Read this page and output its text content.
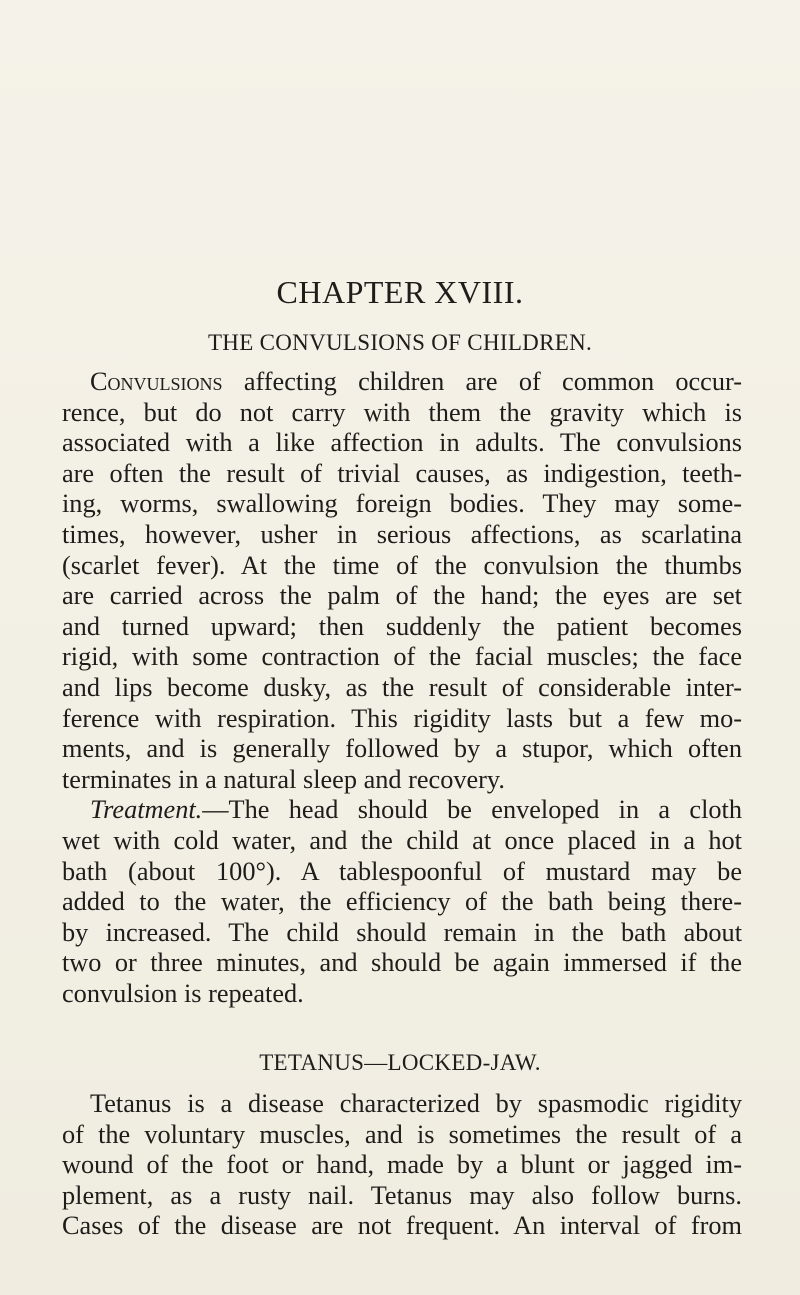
CHAPTER XVIII.
THE CONVULSIONS OF CHILDREN.
Convulsions affecting children are of common occur-
rence, but do not carry with them the gravity which is
associated with a like affection in adults. The convulsions
are often the result of trivial causes, as indigestion, teeth-
ing, worms, swallowing foreign bodies. They may some-
times, however, usher in serious affections, as scarlatina
(scarlet fever). At the time of the convulsion the thumbs
are carried across the palm of the hand; the eyes are set
and turned upward; then suddenly the patient becomes
rigid, with some contraction of the facial muscles; the face
and lips become dusky, as the result of considerable inter-
ference with respiration. This rigidity lasts but a few mo-
ments, and is generally followed by a stupor, which often
terminates in a natural sleep and recovery.
Treatment.—The head should be enveloped in a cloth
wet with cold water, and the child at once placed in a hot
bath (about 100°). A tablespoonful of mustard may be
added to the water, the efficiency of the bath being there-
by increased. The child should remain in the bath about
two or three minutes, and should be again immersed if the
convulsion is repeated.
TETANUS—LOCKED-JAW.
Tetanus is a disease characterized by spasmodic rigidity
of the voluntary muscles, and is sometimes the result of a
wound of the foot or hand, made by a blunt or jagged im-
plement, as a rusty nail. Tetanus may also follow burns.
Cases of the disease are not frequent. An interval of from
